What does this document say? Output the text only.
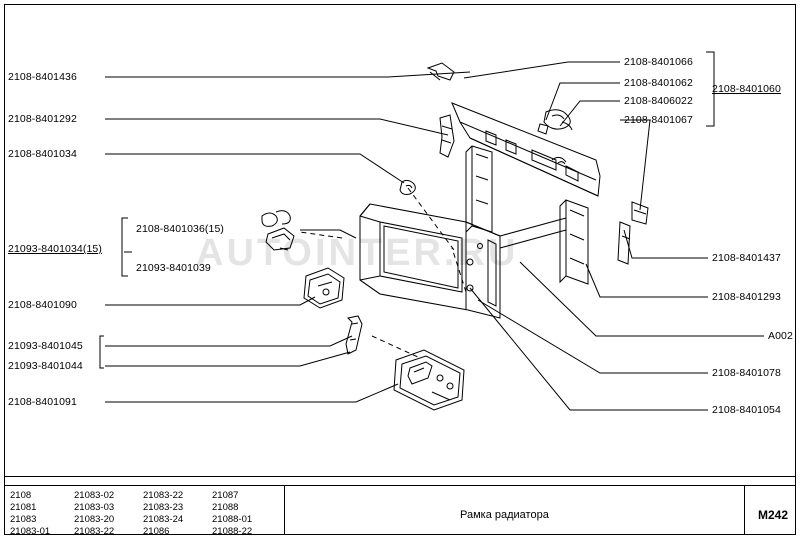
AUTOINTER.RU
2108-8401436
2108-8401292
2108-8401034
2108-8401036(15)
21093-8401034(15)
21093-8401039
2108-8401090
21093-8401045
21093-8401044
2108-8401091
2108-8401066
2108-8401062 2108-8401060
2108-8406022
2108-8401067
2108-8401437
2108-8401293
A002
2108-8401078
2108-8401054
2108
21081
21083
21083-01
21083-02
21083-03
21083-20
21083-22
21083-22
21083-23
21083-24
21086
21087
21088
21088-01
21088-22
Рамка радиатора	M242
